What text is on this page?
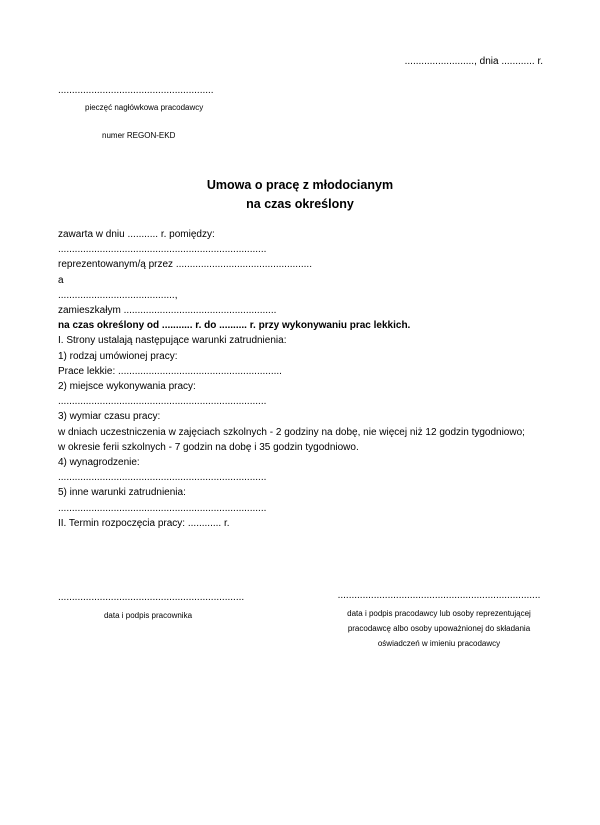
........................., dnia ............ r.
........................................................
pieczęć nagłówkowa pracodawcy
numer REGON-EKD
Umowa o pracę z młodocianym
na czas określony
zawarta w dniu ........... r. pomiędzy:
...........................................................................
reprezentowanym/ą przez .................................................
a
..........................................,
zamieszkałym .......................................................
na czas określony od ........... r. do .......... r. przy wykonywaniu prac lekkich.
I. Strony ustalają następujące warunki zatrudnienia:
1) rodzaj umówionej pracy:
Prace lekkie: ...........................................................
2) miejsce wykonywania pracy:
...........................................................................
3) wymiar czasu pracy:
w dniach uczestniczenia w zajęciach szkolnych - 2 godziny na dobę, nie więcej niż 12 godzin tygodniowo;
w okresie ferii szkolnych - 7 godzin na dobę i 35 godzin tygodniowo.
4) wynagrodzenie:
...........................................................................
5) inne warunki zatrudnienia:
...........................................................................
II. Termin rozpoczęcia pracy: ............ r.
...................................................................
data i podpis pracownika
.........................................................................
data i podpis pracodawcy lub osoby reprezentującej
pracodawcę albo osoby upoważnionej do składania
oświadczeń w imieniu pracodawcy
